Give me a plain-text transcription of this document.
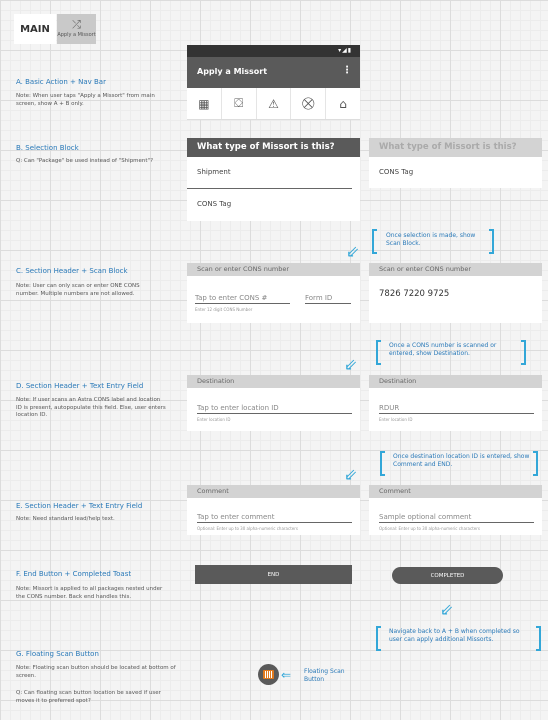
MAIN ⤮
Apply a Missort
A. Basic Action + Nav Bar
Note: When user taps "Apply a Missort" from main screen, show A + B only.
B. Selection Block
Q: Can "Package" be used instead of "Shipment"?
C. Section Header + Scan Block
Note: User can only scan or enter ONE CONS number. Multiple numbers are not allowed.
D. Section Header + Text Entry Field
Note: If user scans an Astra CONS label and location ID is present, autopopulate this field. Else, user enters location ID.
E. Section Header + Text Entry Field
Note: Need standard lead/help text.
F. End Button + Completed Toast
Note: Missort is applied to all packages nested under the CONS number. Back end handles this.
G. Floating Scan Button
Note: Floating scan button should be located at bottom of screen.
Q: Can floating scan button location be saved if user moves it to preferred spot?
▾◢▮
Apply a Missort	⋮
▦	⛋	⚠	⛒	⌂
What type of Missort is this?
Shipment
CONS Tag
What type of Missort is this?
CONS Tag
Once selection is made, show Scan Block.
⇙
Scan or enter CONS number
Tap to enter CONS #	Form ID
Enter 12 digit CONS Number
Scan or enter CONS number
7826 7220 9725
Once a CONS number is scanned or entered, show Destination.
⇙
Destination
Tap to enter location ID
Enter location ID
Destination
RDUR
Enter location ID
Once destination location ID is entered, show Comment and END.
⇙
Comment
Tap to enter comment
Optional: Enter up to 30 alpha-numeric characters
Comment
Sample optional comment
Optional: Enter up to 30 alpha-numeric characters
END	COMPLETED
⇙
Navigate back to A + B when completed so user can apply additional Missorts.
⇐ Floating Scan Button
